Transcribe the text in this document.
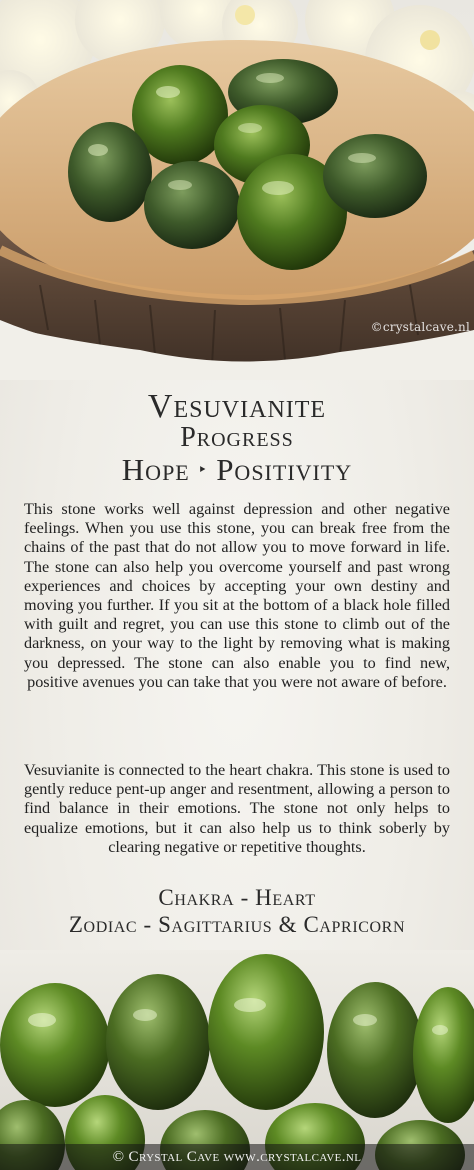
©crystalcave.nl
Vesuvianite
Progress
Hope ‣ Positivity

This stone works well against depression and other negative feelings. When you use this stone, you can break free from the chains of the past that do not allow you to move forward in life. The stone can also help you overcome yourself and past wrong experiences and choices by accepting your own destiny and moving you further. If you sit at the bottom of a black hole filled with guilt and regret, you can use this stone to climb out of the darkness, on your way to the light by removing what is making you depressed. The stone can also enable you to find new, positive avenues you can take that you were not aware of before.

Vesuvianite is connected to the heart chakra. This stone is used to gently reduce pent-up anger and resentment, allowing a person to find balance in their emotions. The stone not only helps to equalize emotions, but it can also help us to think soberly by clearing negative or repetitive thoughts.

Chakra - Heart
Zodiac - Sagittarius & Capricorn
© Crystal Cave www.crystalcave.nl
